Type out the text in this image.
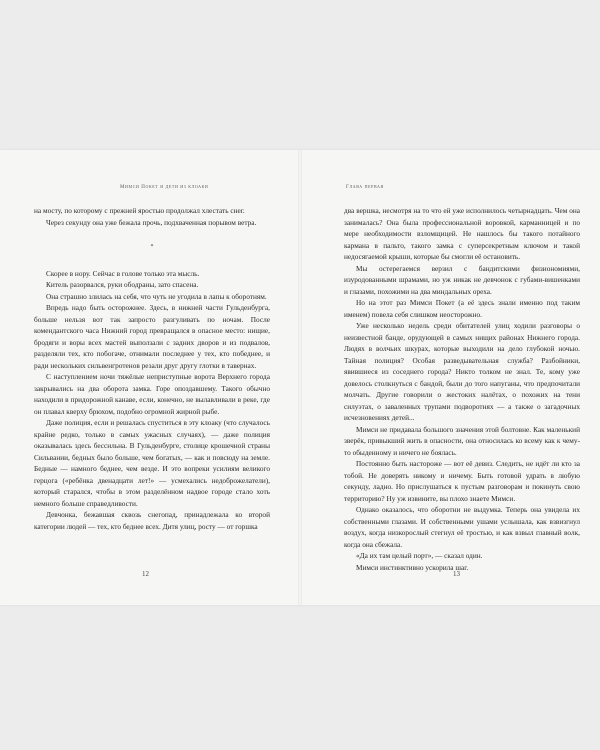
Мимси Покет и дети из клоаки

на мосту, по которому с прежней яростью продолжал хлестать снег.

Через секунду она уже бежала прочь, подхваченная порывом ветра.

*

Скорее в нору. Сейчас в голове только эта мысль.

Китель разорвался, руки ободраны, зато спасена.

Она страшно злилась на себя, что чуть не угодила в лапы к оборотням.

Впредь надо быть осторожнее. Здесь, в нижней части Гульденбурга, больше нельзя вот так запросто разгуливать по ночам. После комендантского часа Нижний город превращался в опасное место: нищие, бродяги и воры всех мастей выползали с задних дворов и из подвалов, разделяли тех, кто побогаче, отнимали последнее у тех, кто победнее, и ради нескольких сильвенгротенов резали друг другу глотки в тавернах.

С наступлением ночи тяжёлые неприступные ворота Верхнего города закрывались на два оборота замка. Горе опоздавшему. Такого обычно находили в придорожной канаве, если, конечно, не вылавливали в реке, где он плавал кверху брюхом, подобно огромной жирной рыбе.

Даже полиция, если и решалась спуститься в эту клоаку (что случалось крайне редко, только в самых ужасных случаях), — даже полиция оказывалась здесь бессильна. В Гульденбурге, столице крошечной страны Сильвании, бедных было больше, чем богатых, — как и повсюду на земле. Бедные — намного беднее, чем везде. И это вопреки усилиям великого герцога («ребёнка двенадцати лет!» — усмехались недоброжелатели), который старался, чтобы в этом разделённом надвое городе стало хоть немного больше справедливости.

Девчонка, бежавшая сквозь снегопад, принадлежала ко второй категории людей — тех, кто беднее всех. Дитя улиц, росту — от горшка

12
Глава первая

два вершка, несмотря на то что ей уже исполнилось четырнадцать. Чем она занималась? Она была профессиональной воровкой, карманницей и по мере необходимости взломщицей. Не нашлось бы такого потайного кармана в пальто, такого замка с суперсекретным ключом и такой недосягаемой крыши, которые бы смогли её остановить.

Мы остерегаемся верзил с бандитскими физиономиями, изуродованными шрамами, но уж никак не девчонок с губами-вишенками и глазами, похожими на два миндальных ореха.

Но на этот раз Мимси Покет (а её здесь знали именно под таким именем) повела себя слишком неосторожно.

Уже несколько недель среди обитателей улиц ходили разговоры о неизвестной банде, орудующей в самых нищих районах Нижнего города. Людях в волчьих шкурах, которые выходили на дело глубокой ночью. Тайная полиция? Особая разведывательная служба? Разбойники, явившиеся из соседнего города? Никто толком не знал. Те, кому уже довелось столкнуться с бандой, были до того напуганы, что предпочитали молчать. Другие говорили о жестоких налётах, о похожих на тени силуэтах, о заваленных трупами подворотнях — а также о загадочных исчезновениях детей...

Мимси не придавала большого значения этой болтовне. Как маленький зверёк, привыкший жить в опасности, она относилась ко всему как к чему-то обыденному и ничего не боялась.

Постоянно быть настороже — вот её девиз. Следить, не идёт ли кто за тобой. Не доверять никому и ничему. Быть готовой удрать в любую секунду, ладно. Но прислушаться к пустым разговорам и покинуть свою территорию? Ну уж извините, вы плохо знаете Мимси.

Однако оказалось, что оборотни не выдумка. Теперь она увидела их собственными глазами. И собственными ушами услышала, как взвизгнул воздух, когда низкорослый стегнул её тростью, и как взвыл главный волк, когда она сбежала.

«Да их там целый порт», — сказал один.

Мимси инстинктивно ускорила шаг.

13
